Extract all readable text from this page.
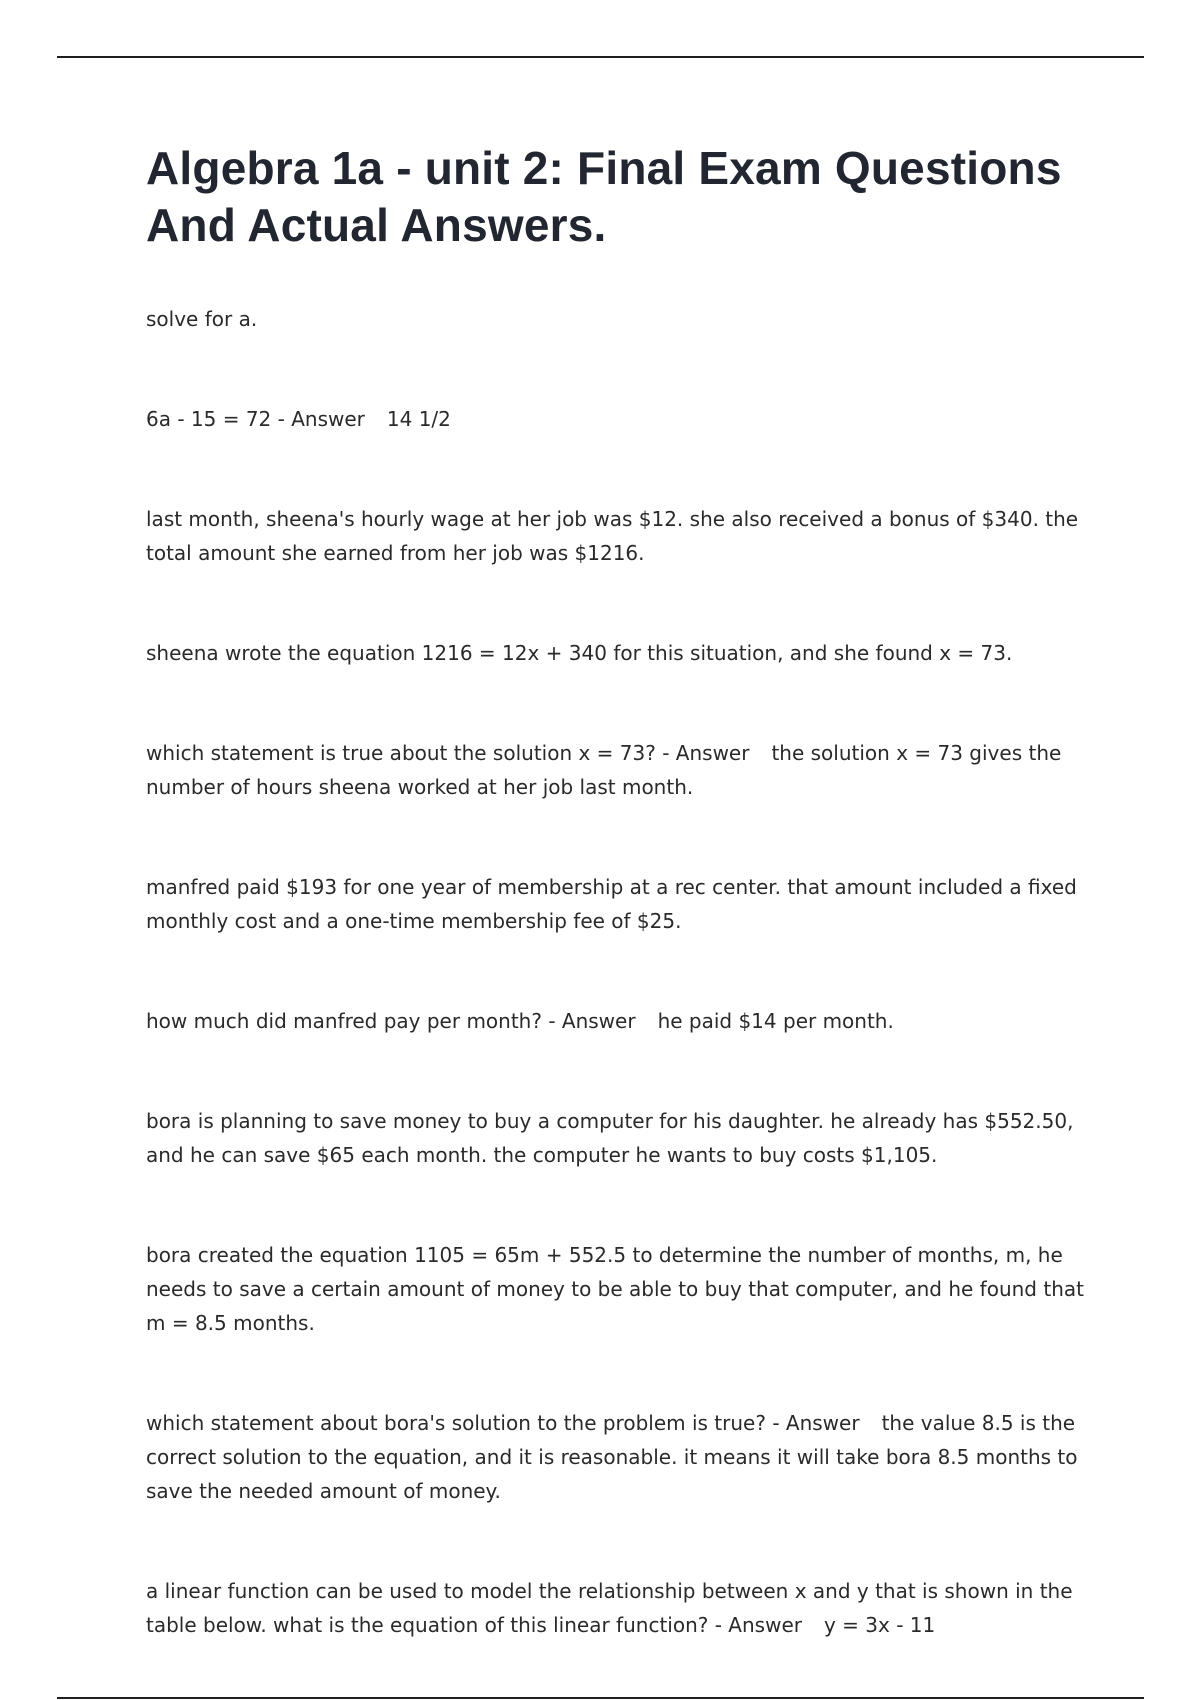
Algebra 1a - unit 2: Final Exam Questions And Actual Answers.

solve for a.

6a - 15 = 72 - Answer 14 1/2

last month, sheena's hourly wage at her job was $12. she also received a bonus of $340. the total amount she earned from her job was $1216.

sheena wrote the equation 1216 = 12x + 340 for this situation, and she found x = 73.

which statement is true about the solution x = 73? - Answer the solution x = 73 gives the number of hours sheena worked at her job last month.

manfred paid $193 for one year of membership at a rec center. that amount included a fixed monthly cost and a one-time membership fee of $25.

how much did manfred pay per month? - Answer he paid $14 per month.

bora is planning to save money to buy a computer for his daughter. he already has $552.50, and he can save $65 each month. the computer he wants to buy costs $1,105.

bora created the equation 1105 = 65m + 552.5 to determine the number of months, m, he needs to save a certain amount of money to be able to buy that computer, and he found that m = 8.5 months.

which statement about bora's solution to the problem is true? - Answer the value 8.5 is the correct solution to the equation, and it is reasonable. it means it will take bora 8.5 months to save the needed amount of money.

a linear function can be used to model the relationship between x and y that is shown in the table below. what is the equation of this linear function? - Answer y = 3x - 11
